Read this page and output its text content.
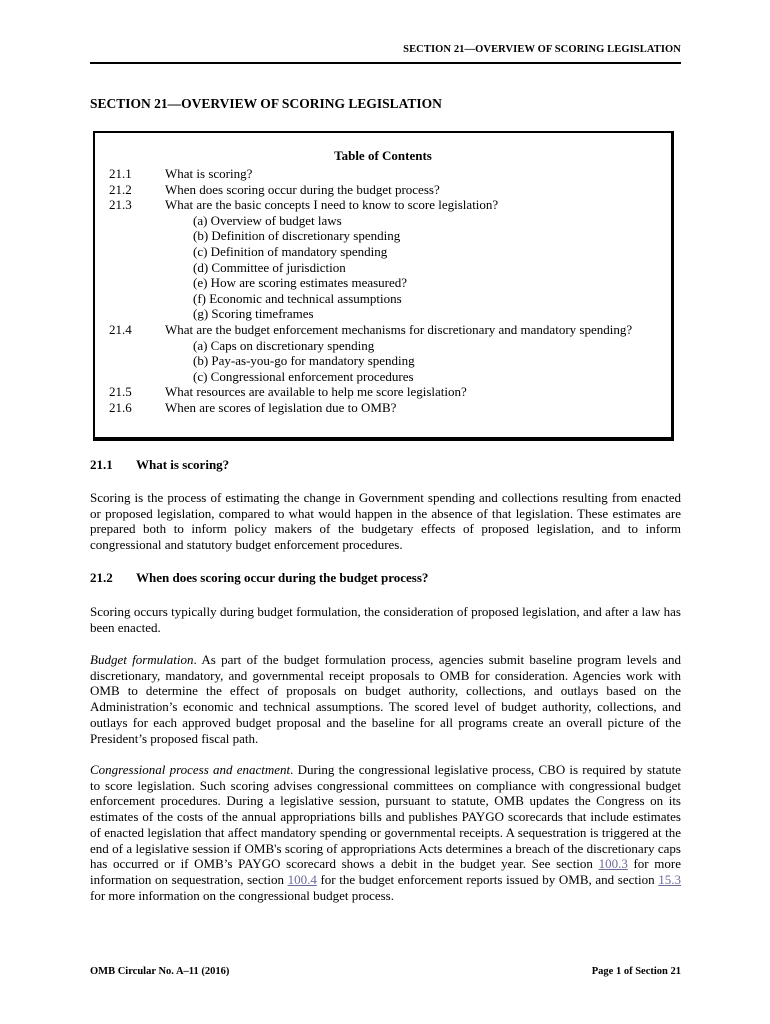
SECTION 21—OVERVIEW OF SCORING LEGISLATION
SECTION 21—OVERVIEW OF SCORING LEGISLATION
Table of Contents
21.1	What is scoring?
21.2	When does scoring occur during the budget process?
21.3	What are the basic concepts I need to know to score legislation?
(a) Overview of budget laws
(b) Definition of discretionary spending
(c) Definition of mandatory spending
(d) Committee of jurisdiction
(e) How are scoring estimates measured?
(f) Economic and technical assumptions
(g) Scoring timeframes
21.4	What are the budget enforcement mechanisms for discretionary and mandatory spending?
(a) Caps on discretionary spending
(b) Pay-as-you-go for mandatory spending
(c) Congressional enforcement procedures
21.5	What resources are available to help me score legislation?
21.6	When are scores of legislation due to OMB?
21.1 What is scoring?

Scoring is the process of estimating the change in Government spending and collections resulting from enacted or proposed legislation, compared to what would happen in the absence of that legislation. These estimates are prepared both to inform policy makers of the budgetary effects of proposed legislation, and to inform congressional and statutory budget enforcement procedures.

21.2 When does scoring occur during the budget process?

Scoring occurs typically during budget formulation, the consideration of proposed legislation, and after a law has been enacted.

Budget formulation. As part of the budget formulation process, agencies submit baseline program levels and discretionary, mandatory, and governmental receipt proposals to OMB for consideration. Agencies work with OMB to determine the effect of proposals on budget authority, collections, and outlays based on the Administration’s economic and technical assumptions. The scored level of budget authority, collections, and outlays for each approved budget proposal and the baseline for all programs create an overall picture of the President’s proposed fiscal path.

Congressional process and enactment. During the congressional legislative process, CBO is required by statute to score legislation. Such scoring advises congressional committees on compliance with congressional budget enforcement procedures. During a legislative session, pursuant to statute, OMB updates the Congress on its estimates of the costs of the annual appropriations bills and publishes PAYGO scorecards that include estimates of enacted legislation that affect mandatory spending or governmental receipts. A sequestration is triggered at the end of a legislative session if OMB's scoring of appropriations Acts determines a breach of the discretionary caps has occurred or if OMB’s PAYGO scorecard shows a debit in the budget year. See section 100.3 for more information on sequestration, section 100.4 for the budget enforcement reports issued by OMB, and section 15.3 for more information on the congressional budget process.

OMB Circular No. A–11 (2016)	Page 1 of Section 21
